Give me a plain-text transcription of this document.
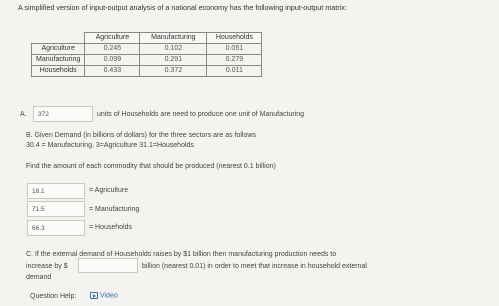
A simplified version of input-output analysis of a national economy has the following input-output matrix:
	Agriculture	Manufacturing	Households
Agriculture	0.245	0.102	0.051
Manufacturing	0.099	0.291	0.279
Households	0.433	0.372	0.011
A.	372	units of Households are need to produce one unit of Manufacturing
B. Given Demand (in billions of dollars) for the three sectors are as follows
30.4 = Manufacturing, 3=Agriculture 31.1=Households
Find the amount of each commodity that should be produced (nearest 0.1 billion)
18.1	= Agriculture
71.5	= Manufacturing
66.3	= Households
C. If the external demand of Households raises by $1 billion then manufacturing production needs to
increase by $	billion (nearest 0.01) in order to meet that increase in household external
demand
Question Help:	Video
